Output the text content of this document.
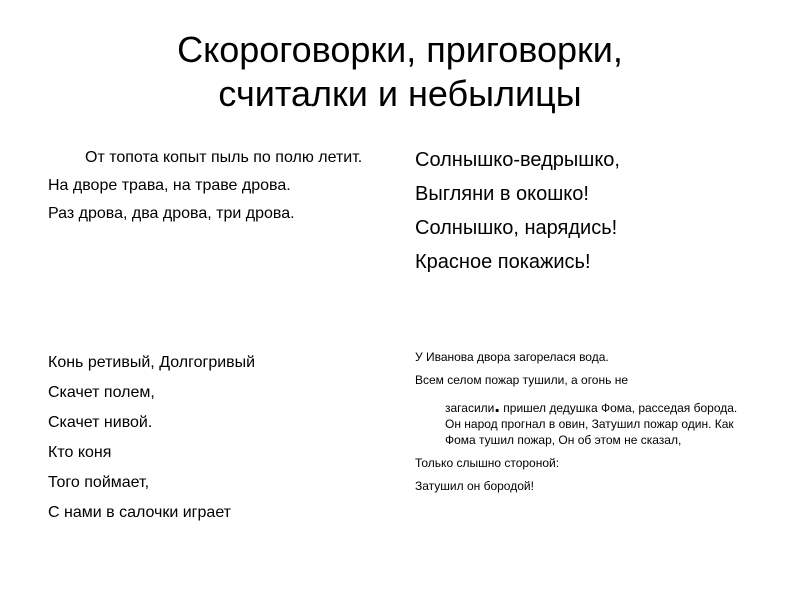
Скороговорки, приговорки,
считалки и небылицы

От топота копыт пыль по полю летит.

На дворе трава, на траве дрова.

Раз дрова, два дрова, три дрова.

Конь ретивый, Долгогривый

Скачет полем,

Скачет нивой.

Кто коня

Того поймает,

С нами в салочки играет

Солнышко-ведрышко,

Выгляни в окошко!

Солнышко, нарядись!

Красное покажись!

У Иванова двора загорелася вода.

Всем селом пожар тушили, а огонь не

загасили. пришел дедушка Фома, раcседая борода. Он народ прогнал в овин, Затушил пожар один. Как Фома тушил пожар, Он об этом не сказал,

Только слышно стороной:

Затушил он бородой!
